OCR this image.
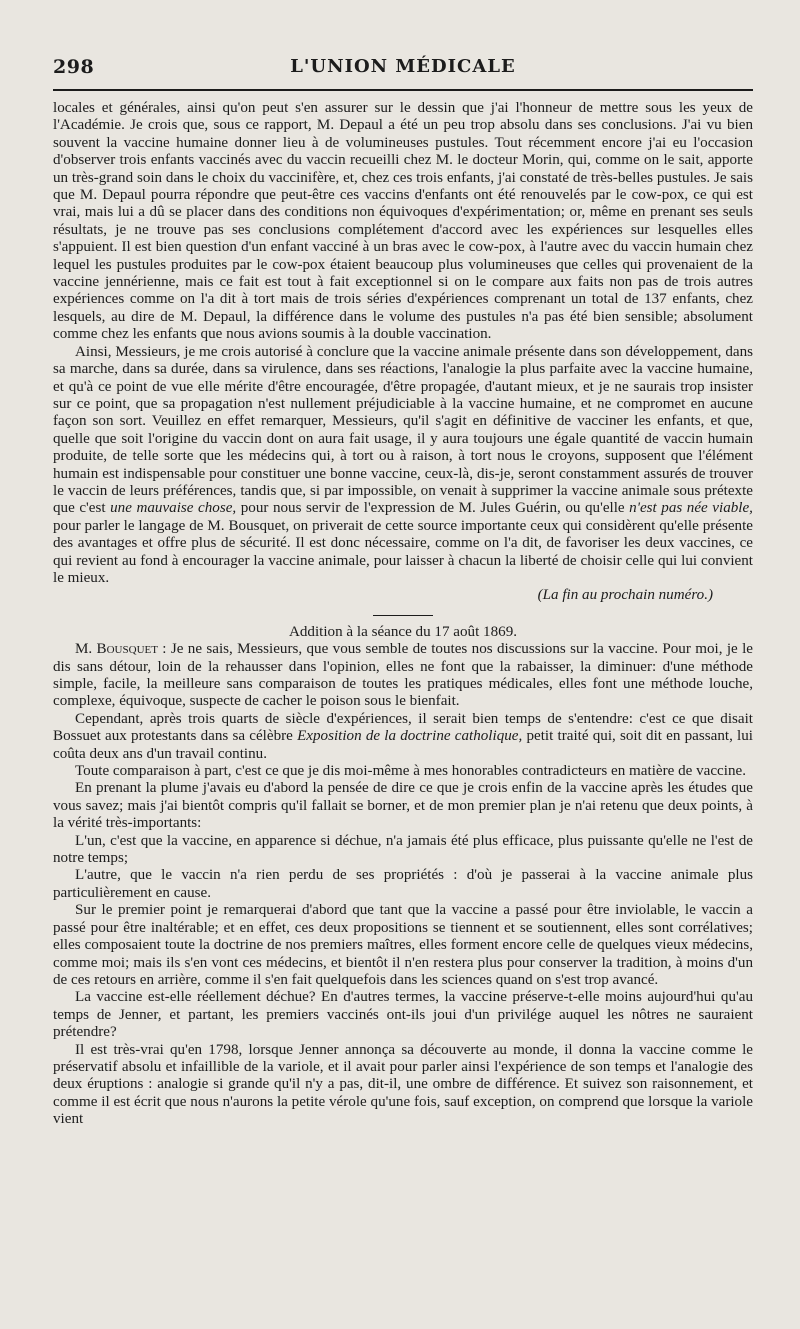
298	L'UNION MÉDICALE

locales et générales, ainsi qu'on peut s'en assurer sur le dessin que j'ai l'honneur de mettre sous les yeux de l'Académie. Je crois que, sous ce rapport, M. Depaul a été un peu trop absolu dans ses conclusions. J'ai vu bien souvent la vaccine humaine donner lieu à de volumineuses pustules. Tout récemment encore j'ai eu l'occasion d'observer trois enfants vaccinés avec du vaccin recueilli chez M. le docteur Morin, qui, comme on le sait, apporte un très-grand soin dans le choix du vaccinifère, et, chez ces trois enfants, j'ai constaté de très-belles pustules. Je sais que M. Depaul pourra répondre que peut-être ces vaccins d'enfants ont été renouvelés par le cow-pox, ce qui est vrai, mais lui a dû se placer dans des conditions non équivoques d'expérimentation; or, même en prenant ses seuls résultats, je ne trouve pas ses conclusions complétement d'accord avec les expériences sur lesquelles elles s'appuient. Il est bien question d'un enfant vacciné à un bras avec le cow-pox, à l'autre avec du vaccin humain chez lequel les pustules produites par le cow-pox étaient beaucoup plus volumineuses que celles qui provenaient de la vaccine jennérienne, mais ce fait est tout à fait exceptionnel si on le compare aux faits non pas de trois autres expériences comme on l'a dit à tort mais de trois séries d'expériences comprenant un total de 137 enfants, chez lesquels, au dire de M. Depaul, la différence dans le volume des pustules n'a pas été bien sensible; absolument comme chez les enfants que nous avions soumis à la double vaccination.

Ainsi, Messieurs, je me crois autorisé à conclure que la vaccine animale présente dans son développement, dans sa marche, dans sa durée, dans sa virulence, dans ses réactions, l'analogie la plus parfaite avec la vaccine humaine, et qu'à ce point de vue elle mérite d'être encouragée, d'être propagée, d'autant mieux, et je ne saurais trop insister sur ce point, que sa propagation n'est nullement préjudiciable à la vaccine humaine, et ne compromet en aucune façon son sort. Veuillez en effet remarquer, Messieurs, qu'il s'agit en définitive de vacciner les enfants, et que, quelle que soit l'origine du vaccin dont on aura fait usage, il y aura toujours une égale quantité de vaccin humain produite, de telle sorte que les médecins qui, à tort ou à raison, à tort nous le croyons, supposent que l'élément humain est indispensable pour constituer une bonne vaccine, ceux-là, dis-je, seront constamment assurés de trouver le vaccin de leurs préférences, tandis que, si par impossible, on venait à supprimer la vaccine animale sous prétexte que c'est une mauvaise chose, pour nous servir de l'expression de M. Jules Guérin, ou qu'elle n'est pas née viable, pour parler le langage de M. Bousquet, on priverait de cette source importante ceux qui considèrent qu'elle présente des avantages et offre plus de sécurité. Il est donc nécessaire, comme on l'a dit, de favoriser les deux vaccines, ce qui revient au fond à encourager la vaccine animale, pour laisser à chacun la liberté de choisir celle qui lui convient le mieux.

(La fin au prochain numéro.)

Addition à la séance du 17 août 1869.

M. Bousquet : Je ne sais, Messieurs, que vous semble de toutes nos discussions sur la vaccine. Pour moi, je le dis sans détour, loin de la rehausser dans l'opinion, elles ne font que la rabaisser, la diminuer: d'une méthode simple, facile, la meilleure sans comparaison de toutes les pratiques médicales, elles font une méthode louche, complexe, équivoque, suspecte de cacher le poison sous le bienfait.

Cependant, après trois quarts de siècle d'expériences, il serait bien temps de s'entendre: c'est ce que disait Bossuet aux protestants dans sa célèbre Exposition de la doctrine catholique, petit traité qui, soit dit en passant, lui coûta deux ans d'un travail continu.

Toute comparaison à part, c'est ce que je dis moi-même à mes honorables contradicteurs en matière de vaccine.

En prenant la plume j'avais eu d'abord la pensée de dire ce que je crois enfin de la vaccine après les études que vous savez; mais j'ai bientôt compris qu'il fallait se borner, et de mon premier plan je n'ai retenu que deux points, à la vérité très-importants:

L'un, c'est que la vaccine, en apparence si déchue, n'a jamais été plus efficace, plus puissante qu'elle ne l'est de notre temps;

L'autre, que le vaccin n'a rien perdu de ses propriétés : d'où je passerai à la vaccine animale plus particulièrement en cause.

Sur le premier point je remarquerai d'abord que tant que la vaccine a passé pour être inviolable, le vaccin a passé pour être inaltérable; et en effet, ces deux propositions se tiennent et se soutiennent, elles sont corrélatives; elles composaient toute la doctrine de nos premiers maîtres, elles forment encore celle de quelques vieux médecins, comme moi; mais ils s'en vont ces médecins, et bientôt il n'en restera plus pour conserver la tradition, à moins d'un de ces retours en arrière, comme il s'en fait quelquefois dans les sciences quand on s'est trop avancé.

La vaccine est-elle réellement déchue? En d'autres termes, la vaccine préserve-t-elle moins aujourd'hui qu'au temps de Jenner, et partant, les premiers vaccinés ont-ils joui d'un privilége auquel les nôtres ne sauraient prétendre?

Il est très-vrai qu'en 1798, lorsque Jenner annonça sa découverte au monde, il donna la vaccine comme le préservatif absolu et infaillible de la variole, et il avait pour parler ainsi l'expérience de son temps et l'analogie des deux éruptions : analogie si grande qu'il n'y a pas, dit-il, une ombre de différence. Et suivez son raisonnement, et comme il est écrit que nous n'aurons la petite vérole qu'une fois, sauf exception, on comprend que lorsque la variole vient
